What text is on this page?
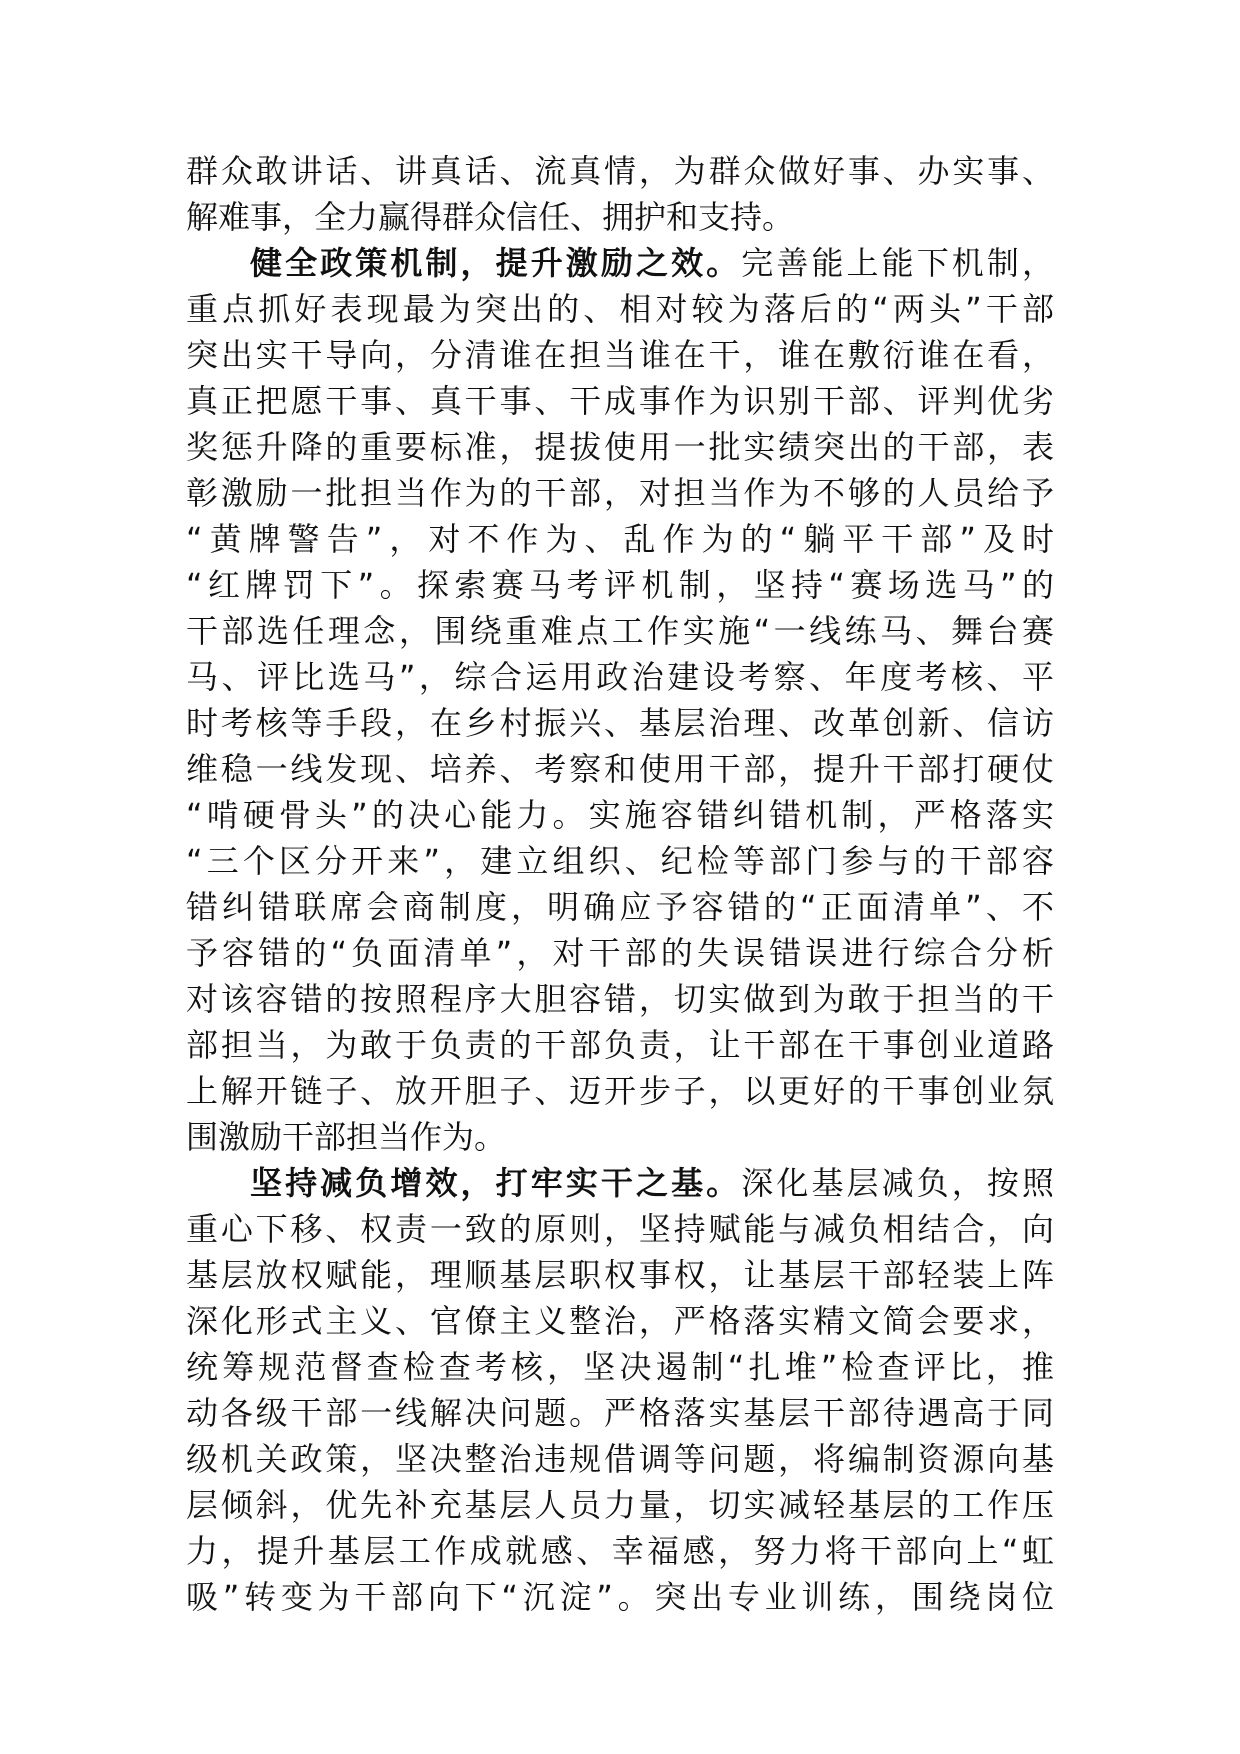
群众敢讲话、讲真话、流真情，为群众做好事、办实事、
解难事，全力赢得群众信任、拥护和支持。
健全政策机制，提升激励之效。完善能上能下机制，
重点抓好表现最为突出的、相对较为落后的“两头”干部
突出实干导向，分清谁在担当谁在干，谁在敷衍谁在看，
真正把愿干事、真干事、干成事作为识别干部、评判优劣
奖惩升降的重要标准，提拔使用一批实绩突出的干部，表
彰激励一批担当作为的干部，对担当作为不够的人员给予
“黄牌警告”，对不作为、乱作为的“躺平干部”及时
“红牌罚下”。探索赛马考评机制，坚持“赛场选马”的
干部选任理念，围绕重难点工作实施“一线练马、舞台赛
马、评比选马”，综合运用政治建设考察、年度考核、平
时考核等手段，在乡村振兴、基层治理、改革创新、信访
维稳一线发现、培养、考察和使用干部，提升干部打硬仗
“啃硬骨头”的决心能力。实施容错纠错机制，严格落实
“三个区分开来”，建立组织、纪检等部门参与的干部容
错纠错联席会商制度，明确应予容错的“正面清单”、不
予容错的“负面清单”，对干部的失误错误进行综合分析
对该容错的按照程序大胆容错，切实做到为敢于担当的干
部担当，为敢于负责的干部负责，让干部在干事创业道路
上解开链子、放开胆子、迈开步子，以更好的干事创业氛
围激励干部担当作为。
坚持减负增效，打牢实干之基。深化基层减负，按照
重心下移、权责一致的原则，坚持赋能与减负相结合，向
基层放权赋能，理顺基层职权事权，让基层干部轻装上阵
深化形式主义、官僚主义整治，严格落实精文简会要求，
统筹规范督查检查考核，坚决遏制“扎堆”检查评比，推
动各级干部一线解决问题。严格落实基层干部待遇高于同
级机关政策，坚决整治违规借调等问题，将编制资源向基
层倾斜，优先补充基层人员力量，切实减轻基层的工作压
力，提升基层工作成就感、幸福感，努力将干部向上“虹
吸”转变为干部向下“沉淀”。突出专业训练，围绕岗位
